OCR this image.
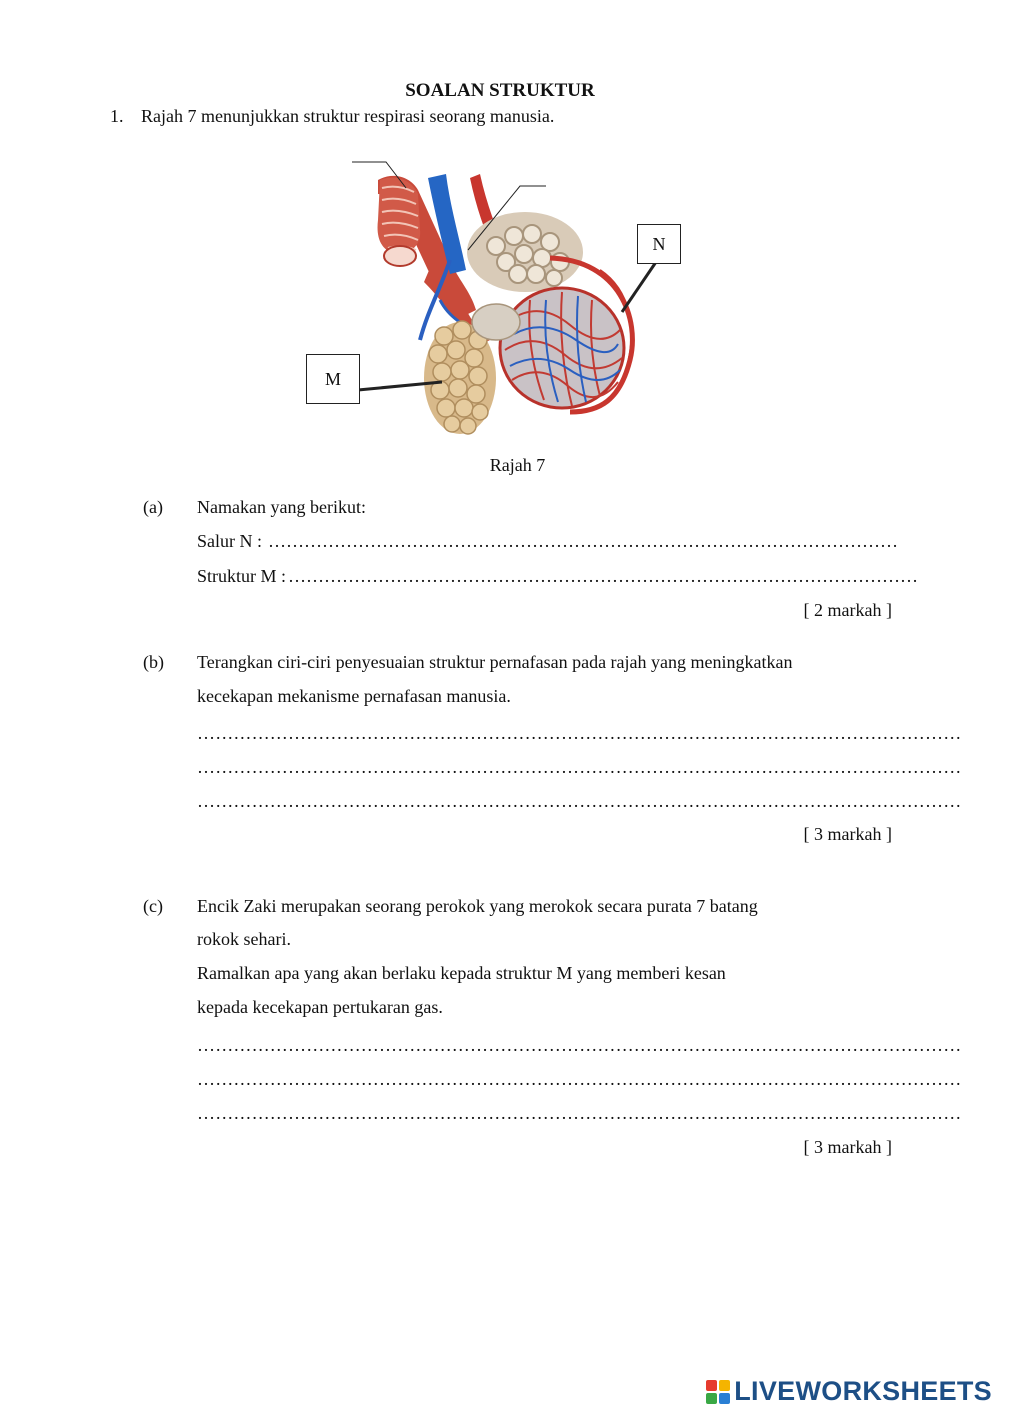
SOALAN STRUKTUR
1. Rajah 7 menunjukkan struktur respirasi seorang manusia.
N
M
Rajah 7
(a) Namakan yang berikut:
Salur N : ……………………………………………………………………………………………
Struktur M : ……………………………………………………………………………………………
[ 2 markah ]
(b) Terangkan ciri-ciri penyesuaian struktur pernafasan pada rajah yang meningkatkan
kecekapan mekanisme pernafasan manusia.
………………………………………………………………………………………………………………
………………………………………………………………………………………………………………
………………………………………………………………………………………………………………
[ 3 markah ]
(c) Encik Zaki merupakan seorang perokok yang merokok secara purata 7 batang
rokok sehari.
Ramalkan apa yang akan berlaku kepada struktur M yang memberi kesan
kepada kecekapan pertukaran gas.
………………………………………………………………………………………………………………
………………………………………………………………………………………………………………
………………………………………………………………………………………………………………
[ 3 markah ]
LIVEWORKSHEETS
